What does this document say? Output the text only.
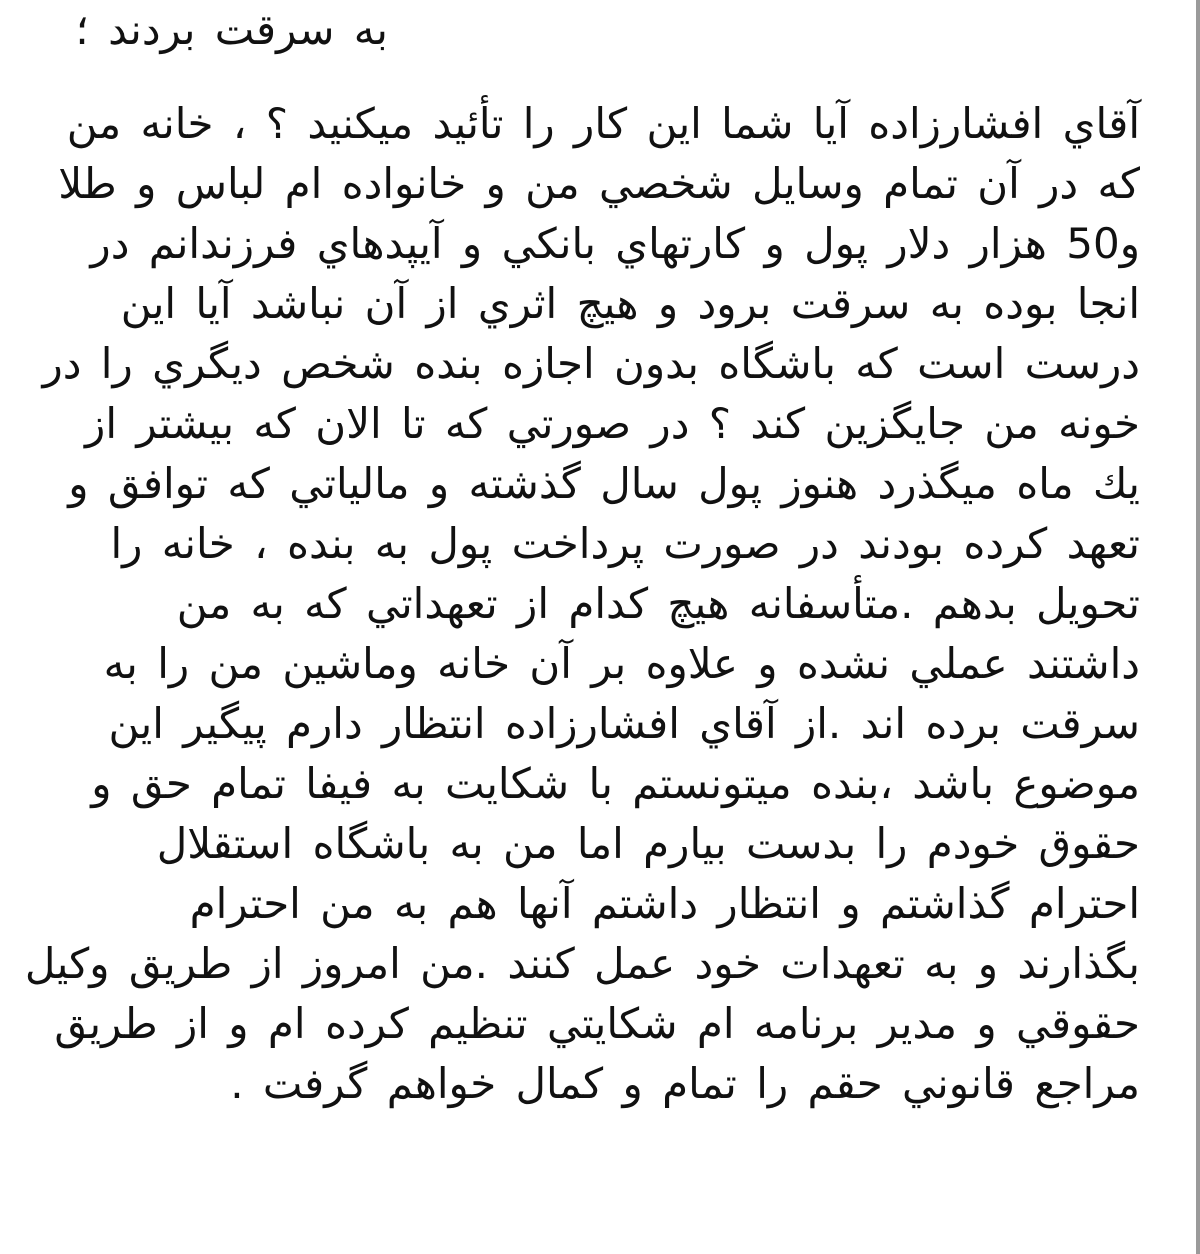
به سرقت بردند ؛
آقاي افشارزاده آيا شما اين كار را تأئيد ميكنيد ؟ ، خانه من
كه در آن تمام وسايل شخصي من و خانواده ام لباس و طلا
و50 هزار دلار پول و كارتهاي بانكي و آيپدهاي فرزندانم در
انجا بوده به سرقت برود و هيچ اثري از آن نباشد آيا اين
درست است كه باشگاه بدون اجازه بنده شخص ديگري را در
خونه من جايگزين كند ؟ در صورتي كه تا الان كه بيشتر از
يك ماه ميگذرد هنوز پول سال گذشته و مالياتي كه توافق و
تعهد كرده بودند در صورت پرداخت پول به بنده ، خانه را
تحويل بدهم .متأسفانه هيچ كدام از تعهداتي كه به من
داشتند عملي نشده و علاوه بر آن خانه وماشين من را به
سرقت برده اند .از آقاي افشارزاده انتظار دارم پيگير اين
موضوع باشد ،بنده ميتونستم با شكايت به فيفا تمام حق و
حقوق خودم را بدست بيارم اما من به باشگاه استقلال
احترام گذاشتم و انتظار داشتم آنها هم به من احترام
بگذارند و به تعهدات خود عمل كنند .من امروز از طريق وكيل
حقوقي و مدير برنامه ام شكايتي تنظيم كرده ام و از طريق
مراجع قانوني حقم را تمام و كمال خواهم گرفت .
